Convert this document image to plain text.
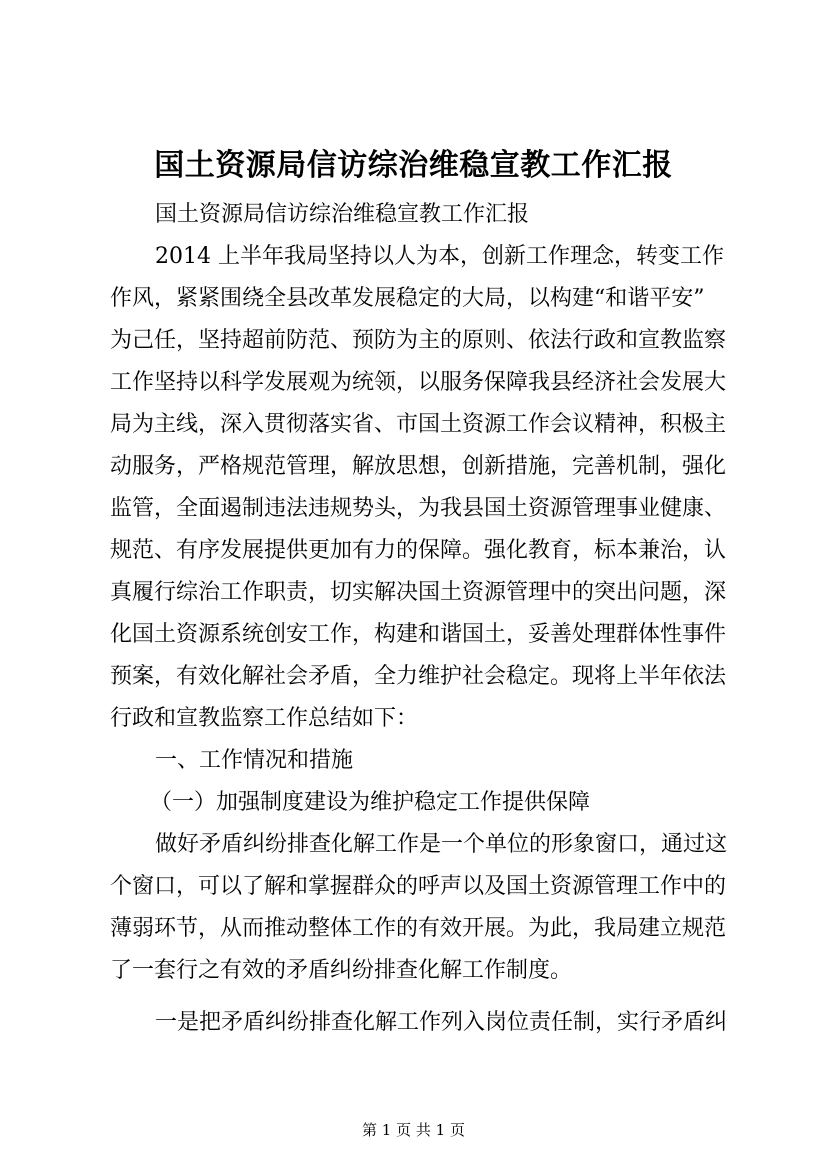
国土资源局信访综治维稳宣教工作汇报
国土资源局信访综治维稳宣教工作汇报
2014 上半年我局坚持以人为本，创新工作理念，转变工作
作风，紧紧围绕全县改革发展稳定的大局，以构建“和谐平安”
为己任，坚持超前防范、预防为主的原则、依法行政和宣教监察
工作坚持以科学发展观为统领，以服务保障我县经济社会发展大
局为主线，深入贯彻落实省、市国土资源工作会议精神，积极主
动服务，严格规范管理，解放思想，创新措施，完善机制，强化
监管，全面遏制违法违规势头，为我县国土资源管理事业健康、
规范、有序发展提供更加有力的保障。强化教育，标本兼治，认
真履行综治工作职责，切实解决国土资源管理中的突出问题，深
化国土资源系统创安工作，构建和谐国土，妥善处理群体性事件
预案，有效化解社会矛盾，全力维护社会稳定。现将上半年依法
行政和宣教监察工作总结如下：
一、工作情况和措施
（一）加强制度建设为维护稳定工作提供保障
做好矛盾纠纷排查化解工作是一个单位的形象窗口，通过这
个窗口，可以了解和掌握群众的呼声以及国土资源管理工作中的
薄弱环节，从而推动整体工作的有效开展。为此，我局建立规范
了一套行之有效的矛盾纠纷排查化解工作制度。
一是把矛盾纠纷排查化解工作列入岗位责任制，实行矛盾纠
第 1 页 共 1 页
